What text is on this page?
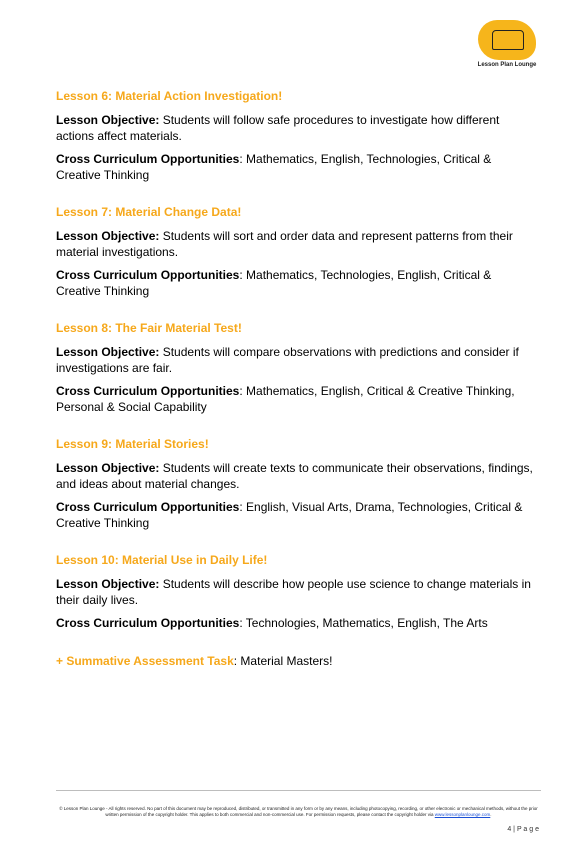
Lesson Plan Lounge
Lesson 6: Material Action Investigation!

Lesson Objective: Students will follow safe procedures to investigate how different actions affect materials.

Cross Curriculum Opportunities: Mathematics, English, Technologies, Critical & Creative Thinking

Lesson 7: Material Change Data!

Lesson Objective: Students will sort and order data and represent patterns from their material investigations.

Cross Curriculum Opportunities: Mathematics, Technologies, English, Critical & Creative Thinking

Lesson 8: The Fair Material Test!

Lesson Objective: Students will compare observations with predictions and consider if investigations are fair.

Cross Curriculum Opportunities: Mathematics, English, Critical & Creative Thinking, Personal & Social Capability

Lesson 9: Material Stories!

Lesson Objective: Students will create texts to communicate their observations, findings, and ideas about material changes.

Cross Curriculum Opportunities: English, Visual Arts, Drama, Technologies, Critical & Creative Thinking

Lesson 10: Material Use in Daily Life!

Lesson Objective: Students will describe how people use science to change materials in their daily lives.

Cross Curriculum Opportunities: Technologies, Mathematics, English, The Arts

+ Summative Assessment Task: Material Masters!

© Lesson Plan Lounge - All rights reserved. No part of this document may be reproduced, distributed, or transmitted in any form or by any means, including photocopying, recording, or other electronic or mechanical methods, without the prior written permission of the copyright holder. This applies to both commercial and non-commercial use. For permission requests, please contact the copyright holder via www.lessonplanlounge.com.
4 | P a g e
